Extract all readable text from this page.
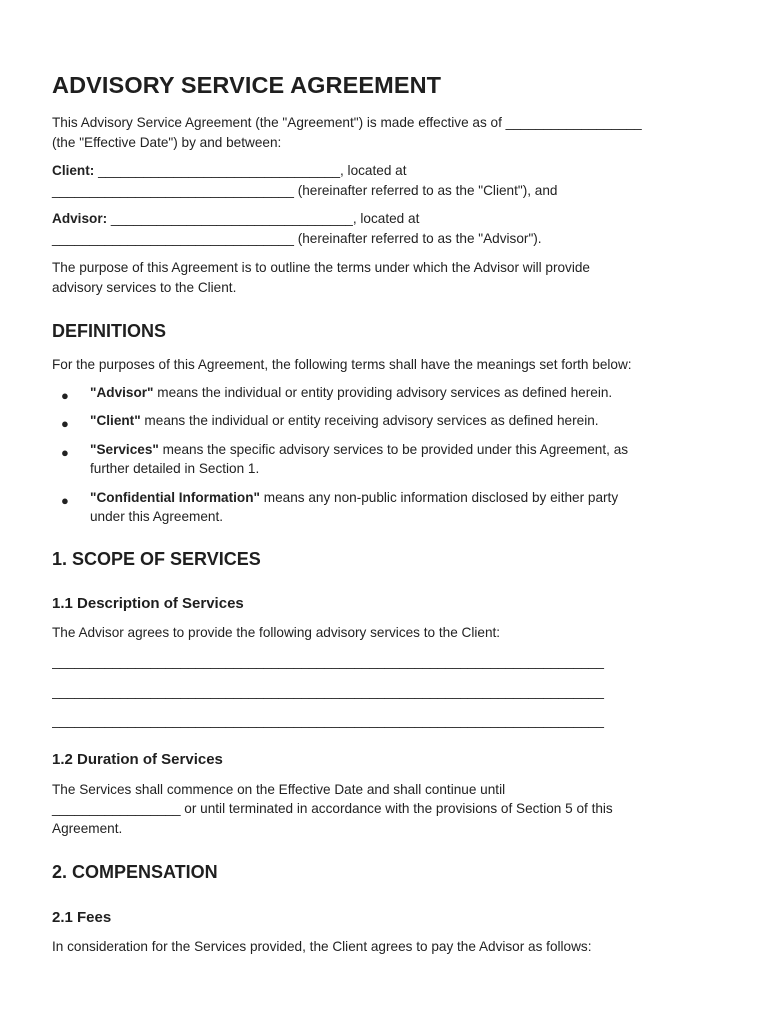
ADVISORY SERVICE AGREEMENT

This Advisory Service Agreement (the "Agreement") is made effective as of __________________
(the "Effective Date") by and between:

Client: ________________________________, located at
________________________________ (hereinafter referred to as the "Client"), and

Advisor: ________________________________, located at
________________________________ (hereinafter referred to as the "Advisor").

The purpose of this Agreement is to outline the terms under which the Advisor will provide
advisory services to the Client.

DEFINITIONS

For the purposes of this Agreement, the following terms shall have the meanings set forth below:

● "Advisor" means the individual or entity providing advisory services as defined herein.
● "Client" means the individual or entity receiving advisory services as defined herein.
● "Services" means the specific advisory services to be provided under this Agreement, as
further detailed in Section 1.
● "Confidential Information" means any non-public information disclosed by either party
under this Agreement.
1. SCOPE OF SERVICES
1.1 Description of Services

The Advisor agrees to provide the following advisory services to the Client:

_________________________________________________________________________
_________________________________________________________________________
_________________________________________________________________________
1.2 Duration of Services

The Services shall commence on the Effective Date and shall continue until
_________________ or until terminated in accordance with the provisions of Section 5 of this
Agreement.

2. COMPENSATION
2.1 Fees

In consideration for the Services provided, the Client agrees to pay the Advisor as follows:
